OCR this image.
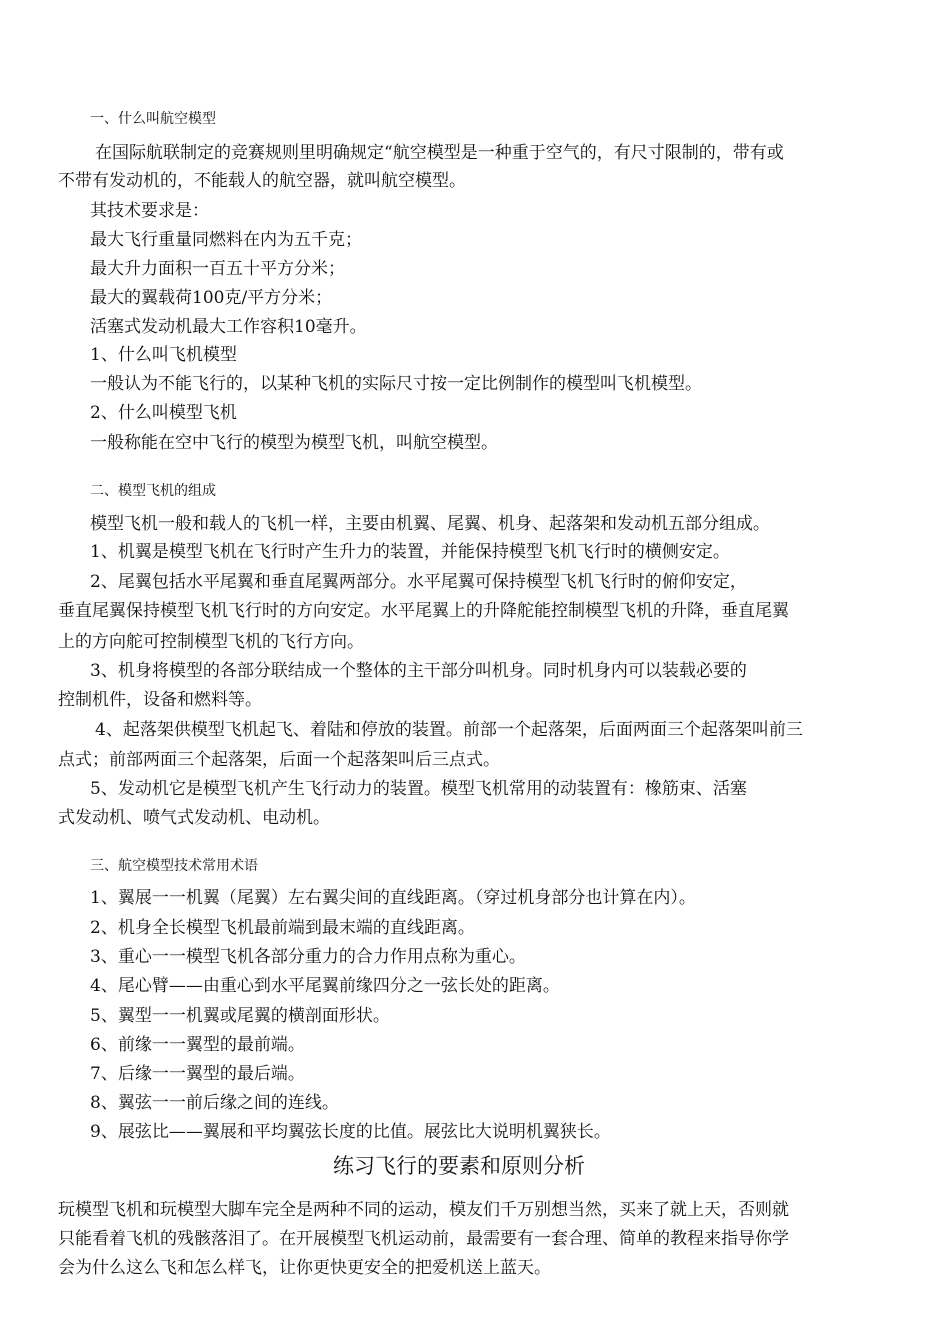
一、什么叫航空模型
在国际航联制定的竞赛规则里明确规定“航空模型是一种重于空气的，有尺寸限制的，带有或
不带有发动机的，不能载人的航空器，就叫航空模型。
其技术要求是：
最大飞行重量同燃料在内为五千克；
最大升力面积一百五十平方分米；
最大的翼载荷100克/平方分米；
活塞式发动机最大工作容积10毫升。
1、什么叫飞机模型
一般认为不能飞行的，以某种飞机的实际尺寸按一定比例制作的模型叫飞机模型。
2、什么叫模型飞机
一般称能在空中飞行的模型为模型飞机，叫航空模型。
二、模型飞机的组成
模型飞机一般和载人的飞机一样，主要由机翼、尾翼、机身、起落架和发动机五部分组成。
1、机翼是模型飞机在飞行时产生升力的装置，并能保持模型飞机飞行时的横侧安定。
2、尾翼包括水平尾翼和垂直尾翼两部分。水平尾翼可保持模型飞机飞行时的俯仰安定，
垂直尾翼保持模型飞机飞行时的方向安定。水平尾翼上的升降舵能控制模型飞机的升降，垂直尾翼
上的方向舵可控制模型飞机的飞行方向。
3、机身将模型的各部分联结成一个整体的主干部分叫机身。同时机身内可以装载必要的
控制机件，设备和燃料等。
4、起落架供模型飞机起飞、着陆和停放的装置。前部一个起落架，后面两面三个起落架叫前三
点式；前部两面三个起落架，后面一个起落架叫后三点式。
5、发动机它是模型飞机产生飞行动力的装置。模型飞机常用的动装置有：橡筋束、活塞
式发动机、喷气式发动机、电动机。
三、航空模型技术常用术语
1、翼展一一机翼（尾翼）左右翼尖间的直线距离。（穿过机身部分也计算在内）。
2、机身全长模型飞机最前端到最末端的直线距离。
3、重心一一模型飞机各部分重力的合力作用点称为重心。
4、尾心臂——由重心到水平尾翼前缘四分之一弦长处的距离。
5、翼型一一机翼或尾翼的横剖面形状。
6、前缘一一翼型的最前端。
7、后缘一一翼型的最后端。
8、翼弦一一前后缘之间的连线。
9、展弦比——翼展和平均翼弦长度的比值。展弦比大说明机翼狭长。
练习飞行的要素和原则分析
玩模型飞机和玩模型大脚车完全是两种不同的运动，模友们千万别想当然，买来了就上天，否则就
只能看着飞机的残骸落泪了。在开展模型飞机运动前，最需要有一套合理、简单的教程来指导你学
会为什么这么飞和怎么样飞，让你更快更安全的把爱机送上蓝天。
